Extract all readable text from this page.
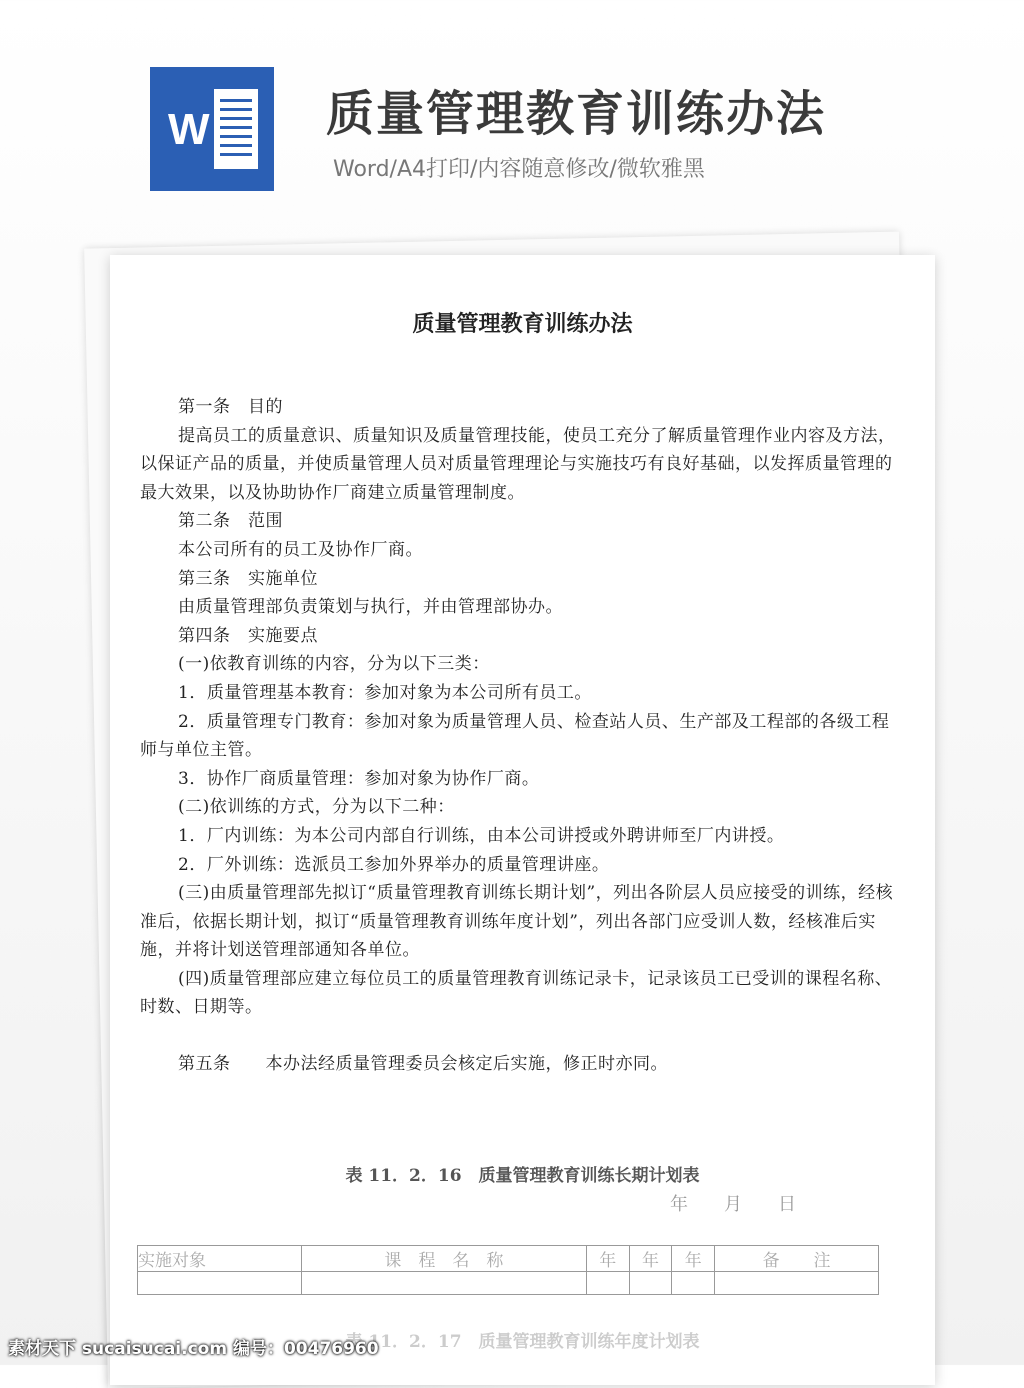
W 质量管理教育训练办法
Word/A4打印/内容随意修改/微软雅黑
质量管理教育训练办法

第一条　目的

提高员工的质量意识、质量知识及质量管理技能，使员工充分了解质量管理作业内容及方法，以保证产品的质量，并使质量管理人员对质量管理理论与实施技巧有良好基础，以发挥质量管理的最大效果，以及协助协作厂商建立质量管理制度。

第二条　范围

本公司所有的员工及协作厂商。

第三条　实施单位

由质量管理部负责策划与执行，并由管理部协办。

第四条　实施要点

(一)依教育训练的内容，分为以下三类：

1．质量管理基本教育：参加对象为本公司所有员工。

2．质量管理专门教育：参加对象为质量管理人员、检查站人员、生产部及工程部的各级工程师与单位主管。

3．协作厂商质量管理：参加对象为协作厂商。

(二)依训练的方式，分为以下二种：

1．厂内训练：为本公司内部自行训练，由本公司讲授或外聘讲师至厂内讲授。

2．厂外训练：选派员工参加外界举办的质量管理讲座。

(三)由质量管理部先拟订“质量管理教育训练长期计划”，列出各阶层人员应接受的训练，经核准后，依据长期计划，拟订“质量管理教育训练年度计划”，列出各部门应受训人数，经核准后实施，并将计划送管理部通知各单位。

(四)质量管理部应建立每位员工的质量管理教育训练记录卡，记录该员工已受训的课程名称、时数、日期等。

第五条　　本办法经质量管理委员会核定后实施，修正时亦同。

表 11．2．16　质量管理教育训练长期计划表
年　　月　　日
实施对象	课　程　名　称	年	年	年	备　　注

表 11．2．17　质量管理教育训练年度计划表
素材天下 sucaisucai.com 编号：00476960
